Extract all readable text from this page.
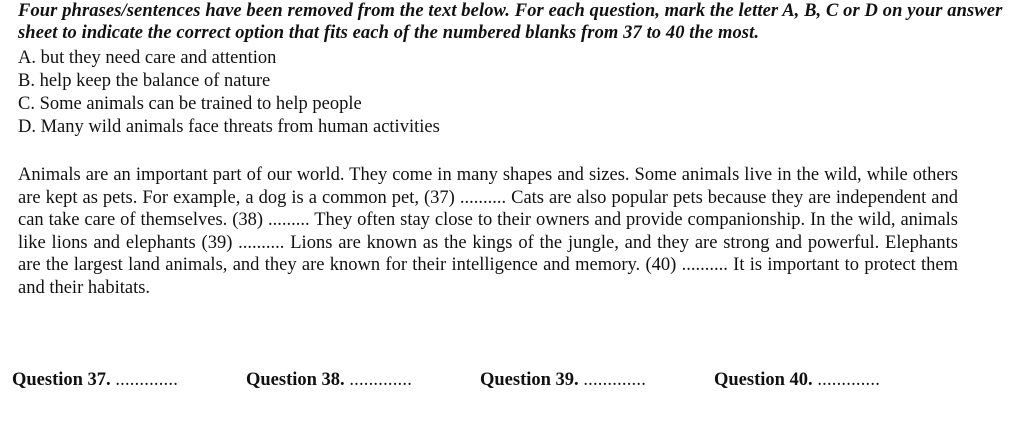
Four phrases/sentences have been removed from the text below. For each question, mark the letter A, B, C or D on your answer sheet to indicate the correct option that fits each of the numbered blanks from 37 to 40 the most.

A. but they need care and attention
B. help keep the balance of nature
C. Some animals can be trained to help people
D. Many wild animals face threats from human activities

Animals are an important part of our world. They come in many shapes and sizes. Some animals live in the wild, while others are kept as pets. For example, a dog is a common pet, (37) .......... Cats are also popular pets because they are independent and can take care of themselves. (38) ......... They often stay close to their owners and provide companionship. In the wild, animals like lions and elephants (39) .......... Lions are known as the kings of the jungle, and they are strong and powerful. Elephants are the largest land animals, and they are known for their intelligence and memory. (40) .......... It is important to protect them and their habitats.

Question 37. .............	Question 38. .............	Question 39. .............	Question 40. .............
